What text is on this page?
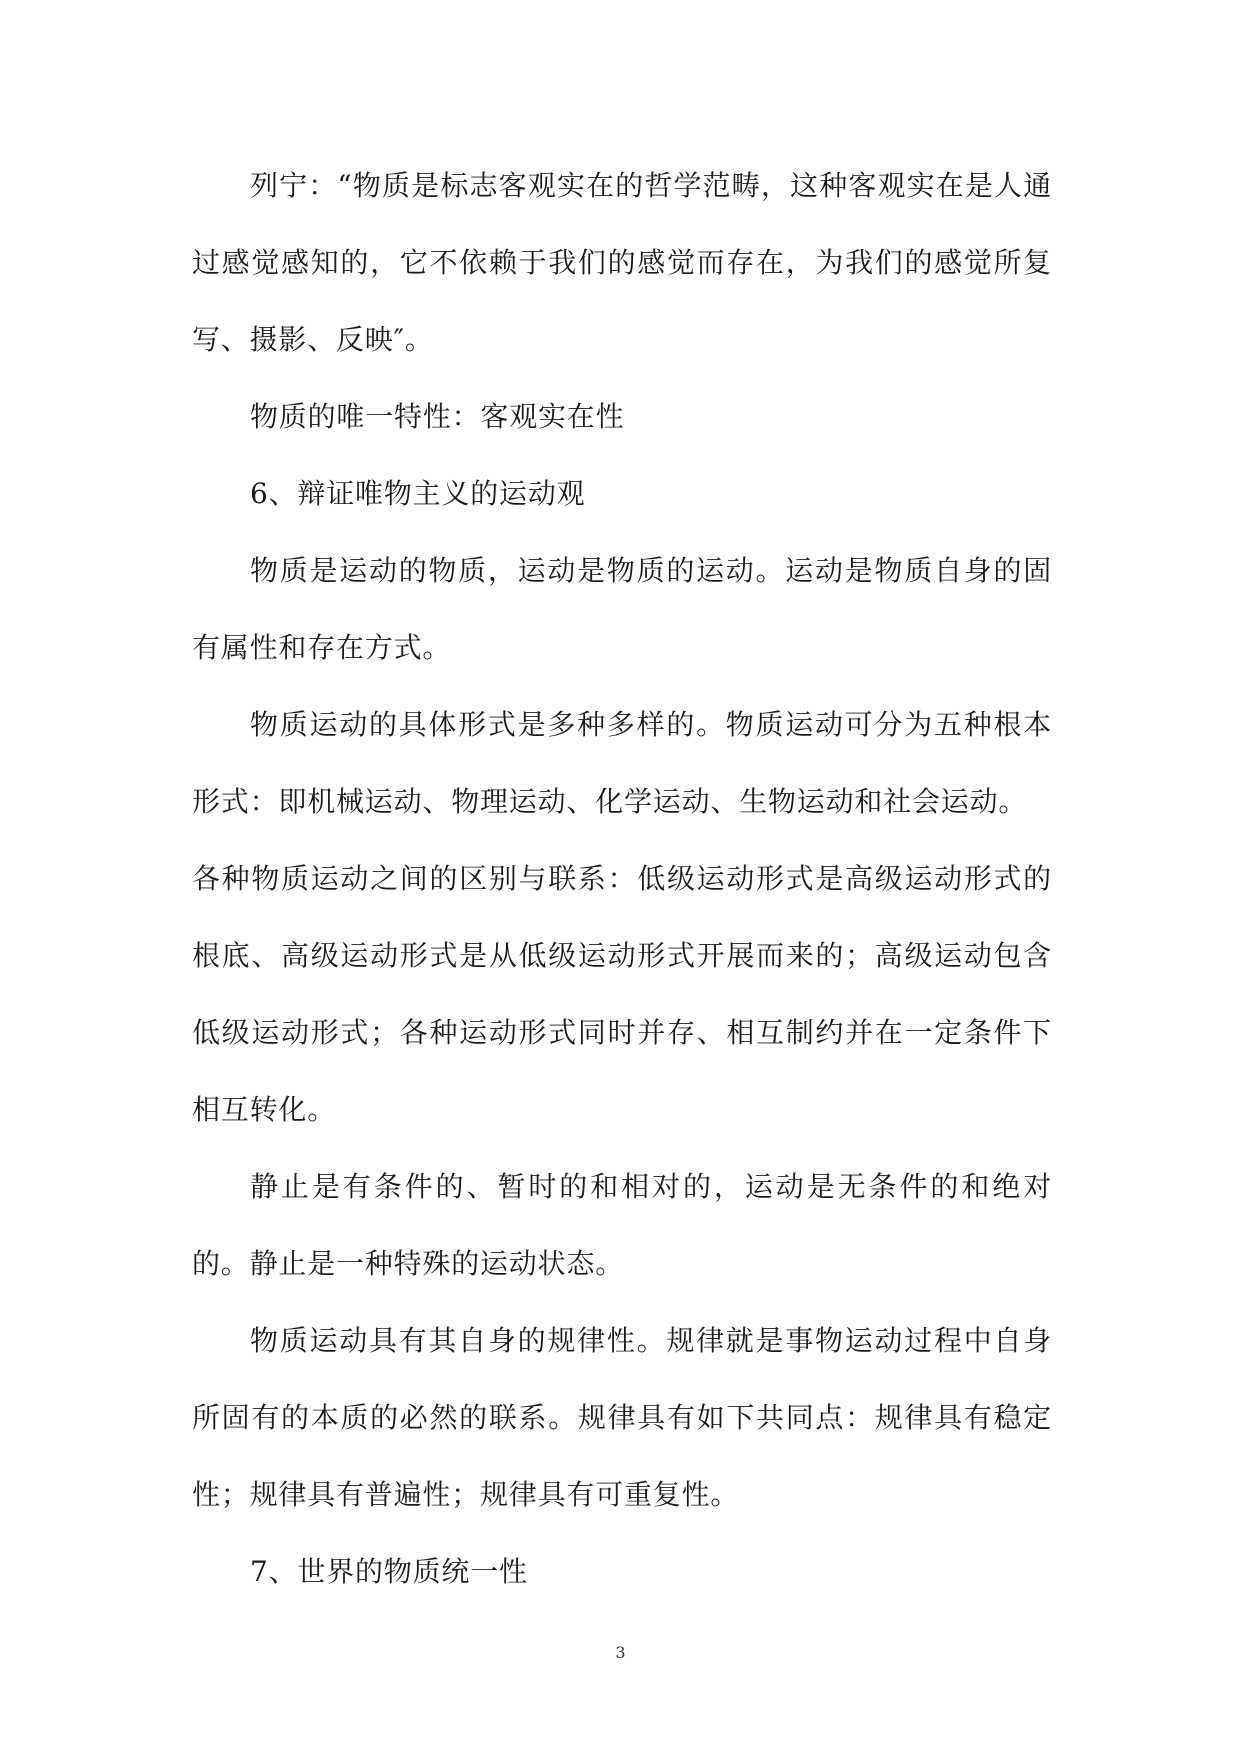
列宁：“物质是标志客观实在的哲学范畴，这种客观实在是人通过感觉感知的，它不依赖于我们的感觉而存在，为我们的感觉所复写、摄影、反映″。

物质的唯一特性：客观实在性

6、辩证唯物主义的运动观

物质是运动的物质，运动是物质的运动。运动是物质自身的固有属性和存在方式。

物质运动的具体形式是多种多样的。物质运动可分为五种根本形式：即机械运动、物理运动、化学运动、生物运动和社会运动。

各种物质运动之间的区别与联系：低级运动形式是高级运动形式的根底、高级运动形式是从低级运动形式开展而来的；高级运动包含低级运动形式；各种运动形式同时并存、相互制约并在一定条件下相互转化。

静止是有条件的、暂时的和相对的，运动是无条件的和绝对的。静止是一种特殊的运动状态。

物质运动具有其自身的规律性。规律就是事物运动过程中自身所固有的本质的必然的联系。规律具有如下共同点：规律具有稳定性；规律具有普遍性；规律具有可重复性。

7、世界的物质统一性

3
